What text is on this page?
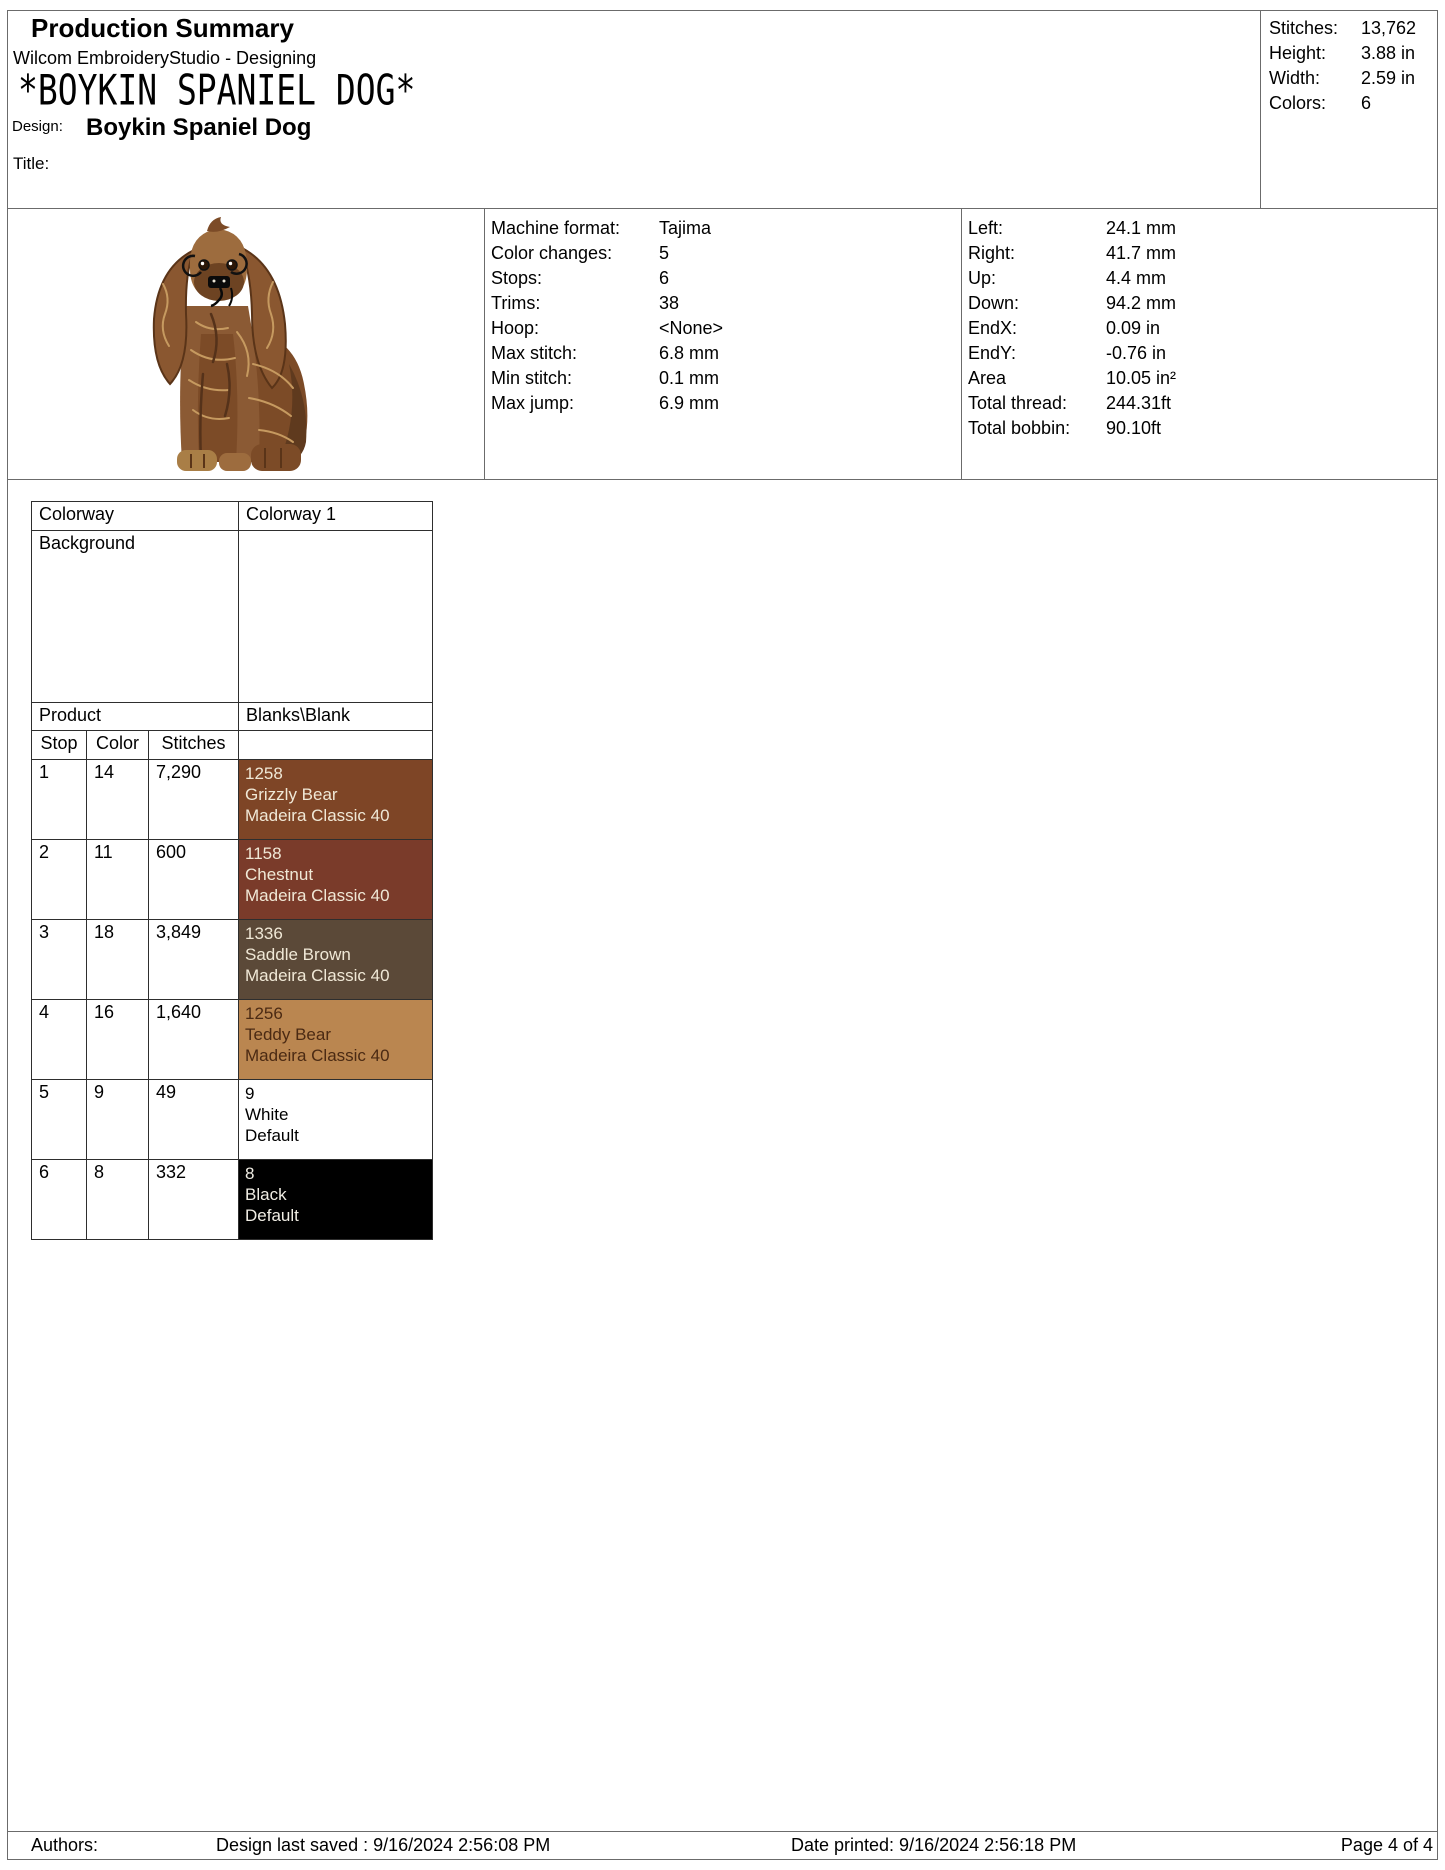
Production Summary
Wilcom EmbroideryStudio - Designing
*BOYKIN SPANIEL DOG*
Design: Boykin Spaniel Dog
Title:
Stitches:	13,762
Height:	3.88 in
Width:	2.59 in
Colors:	6
Machine format:	Tajima
Color changes:	5
Stops:	6
Trims:	38
Hoop:	<None>
Max stitch:	6.8 mm
Min stitch:	0.1 mm
Max jump:	6.9 mm
Left:	24.1 mm
Right:	41.7 mm
Up:	4.4 mm
Down:	94.2 mm
EndX:	0.09 in
EndY:	-0.76 in
Area	10.05 in²
Total thread:	244.31ft
Total bobbin:	90.10ft
Colorway	Colorway 1
Background
Product	Blanks\Blank
Stop	Color	Stitches
1	14	7,290	1258
Grizzly Bear
Madeira Classic 40
2	11	600	1158
Chestnut
Madeira Classic 40
3	18	3,849	1336
Saddle Brown
Madeira Classic 40
4	16	1,640	1256
Teddy Bear
Madeira Classic 40
5	9	49	9
White
Default
6	8	332	8
Black
Default
Authors:	Design last saved : 9/16/2024 2:56:08 PM	Date printed: 9/16/2024 2:56:18 PM	Page 4 of 4
